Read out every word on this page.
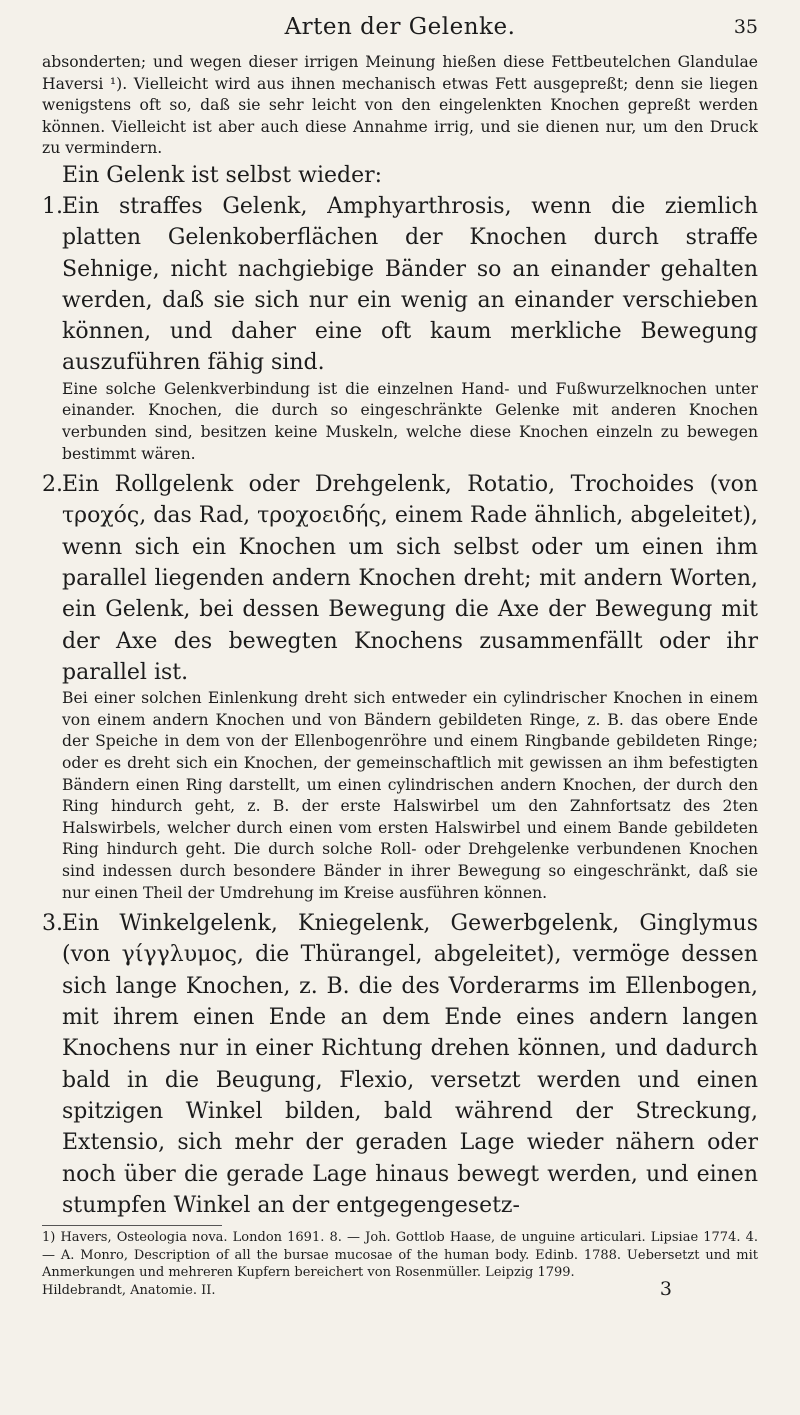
Arten der Gelenke.	35

absonderten; und wegen dieser irrigen Meinung hießen diese Fettbeutelchen Glandulae Haversi ¹). Vielleicht wird aus ihnen mechanisch etwas Fett ausgepreßt; denn sie liegen wenigstens oft so, daß sie sehr leicht von den eingelenkten Knochen gepreßt werden können. Vielleicht ist aber auch diese Annahme irrig, und sie dienen nur, um den Druck zu vermindern.

Ein Gelenk ist selbst wieder:

1. Ein straffes Gelenk, Amphyarthrosis, wenn die ziemlich platten Gelenkoberflächen der Knochen durch straffe Sehnige, nicht nachgiebige Bänder so an einander gehalten werden, daß sie sich nur ein wenig an einander verschieben können, und daher eine oft kaum merkliche Bewegung auszuführen fähig sind.

Eine solche Gelenkverbindung ist die einzelnen Hand- und Fußwurzelknochen unter einander. Knochen, die durch so eingeschränkte Gelenke mit anderen Knochen verbunden sind, besitzen keine Muskeln, welche diese Knochen einzeln zu bewegen bestimmt wären.

2. Ein Rollgelenk oder Drehgelenk, Rotatio, Trochoides (von τροχός, das Rad, τροχοειδής, einem Rade ähnlich, abgeleitet), wenn sich ein Knochen um sich selbst oder um einen ihm parallel liegenden andern Knochen dreht; mit andern Worten, ein Gelenk, bei dessen Bewegung die Axe der Bewegung mit der Axe des bewegten Knochens zusammenfällt oder ihr parallel ist.

Bei einer solchen Einlenkung dreht sich entweder ein cylindrischer Knochen in einem von einem andern Knochen und von Bändern gebildeten Ringe, z. B. das obere Ende der Speiche in dem von der Ellenbogenröhre und einem Ringbande gebildeten Ringe; oder es dreht sich ein Knochen, der gemeinschaftlich mit gewissen an ihm befestigten Bändern einen Ring darstellt, um einen cylindrischen andern Knochen, der durch den Ring hindurch geht, z. B. der erste Halswirbel um den Zahnfortsatz des 2ten Halswirbels, welcher durch einen vom ersten Halswirbel und einem Bande gebildeten Ring hindurch geht. Die durch solche Roll- oder Drehgelenke verbundenen Knochen sind indessen durch besondere Bänder in ihrer Bewegung so eingeschränkt, daß sie nur einen Theil der Umdrehung im Kreise ausführen können.

3. Ein Winkelgelenk, Kniegelenk, Gewerbgelenk, Ginglymus (von γίγγλυμος, die Thürangel, abgeleitet), vermöge dessen sich lange Knochen, z. B. die des Vorderarms im Ellenbogen, mit ihrem einen Ende an dem Ende eines andern langen Knochens nur in einer Richtung drehen können, und dadurch bald in die Beugung, Flexio, versetzt werden und einen spitzigen Winkel bilden, bald während der Streckung, Extensio, sich mehr der geraden Lage wieder nähern oder noch über die gerade Lage hinaus bewegt werden, und einen stumpfen Winkel an der entgegengesetz-

1) Havers, Osteologia nova. London 1691. 8. — Joh. Gottlob Haase, de unguine articulari. Lipsiae 1774. 4. — A. Monro, Description of all the bursae mucosae of the human body. Edinb. 1788. Uebersetzt und mit Anmerkungen und mehreren Kupfern bereichert von Rosenmüller. Leipzig 1799.
Hildebrandt, Anatomie. II.	3
